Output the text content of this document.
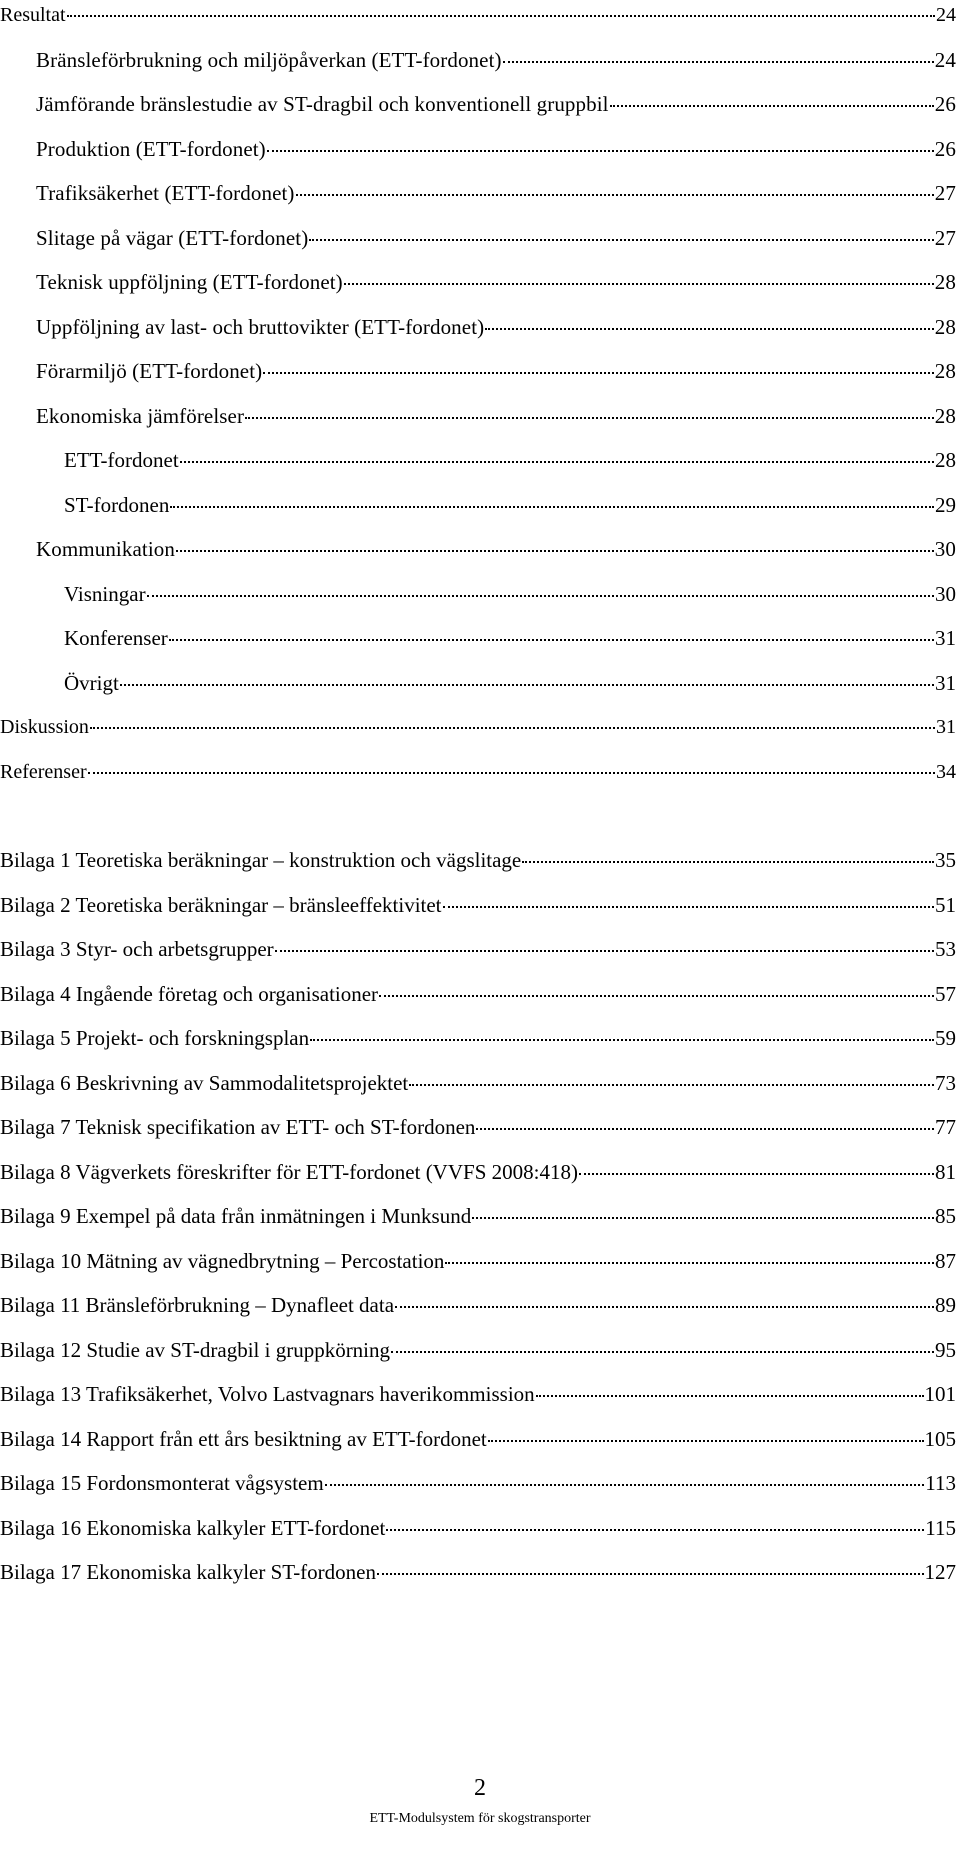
Resultat	24
Bränsleförbrukning och miljöpåverkan (ETT-fordonet)	24
Jämförande bränslestudie av ST-dragbil och konventionell gruppbil	26
Produktion (ETT-fordonet)	26
Trafiksäkerhet (ETT-fordonet)	27
Slitage på vägar (ETT-fordonet)	27
Teknisk uppföljning (ETT-fordonet)	28
Uppföljning av last- och bruttovikter (ETT-fordonet)	28
Förarmiljö (ETT-fordonet)	28
Ekonomiska jämförelser	28
ETT-fordonet	28
ST-fordonen	29
Kommunikation	30
Visningar	30
Konferenser	31
Övrigt	31
Diskussion	31
Referenser	34
Bilaga 1 Teoretiska beräkningar – konstruktion och vägslitage	35
Bilaga 2 Teoretiska beräkningar – bränsleeffektivitet	51
Bilaga 3 Styr- och arbetsgrupper	53
Bilaga 4 Ingående företag och organisationer	57
Bilaga 5 Projekt- och forskningsplan	59
Bilaga 6 Beskrivning av Sammodalitetsprojektet	73
Bilaga 7 Teknisk specifikation av ETT- och ST-fordonen	77
Bilaga 8 Vägverkets föreskrifter för ETT-fordonet (VVFS 2008:418)	81
Bilaga 9 Exempel på data från inmätningen i Munksund	85
Bilaga 10 Mätning av vägnedbrytning – Percostation	87
Bilaga 11 Bränsleförbrukning – Dynafleet data	89
Bilaga 12 Studie av ST-dragbil i gruppkörning	95
Bilaga 13 Trafiksäkerhet, Volvo Lastvagnars haverikommission	101
Bilaga 14 Rapport från ett års besiktning av ETT-fordonet	105
Bilaga 15 Fordonsmonterat vågsystem	113
Bilaga 16 Ekonomiska kalkyler ETT-fordonet	115
Bilaga 17 Ekonomiska kalkyler ST-fordonen	127
2
ETT-Modulsystem för skogstransporter
